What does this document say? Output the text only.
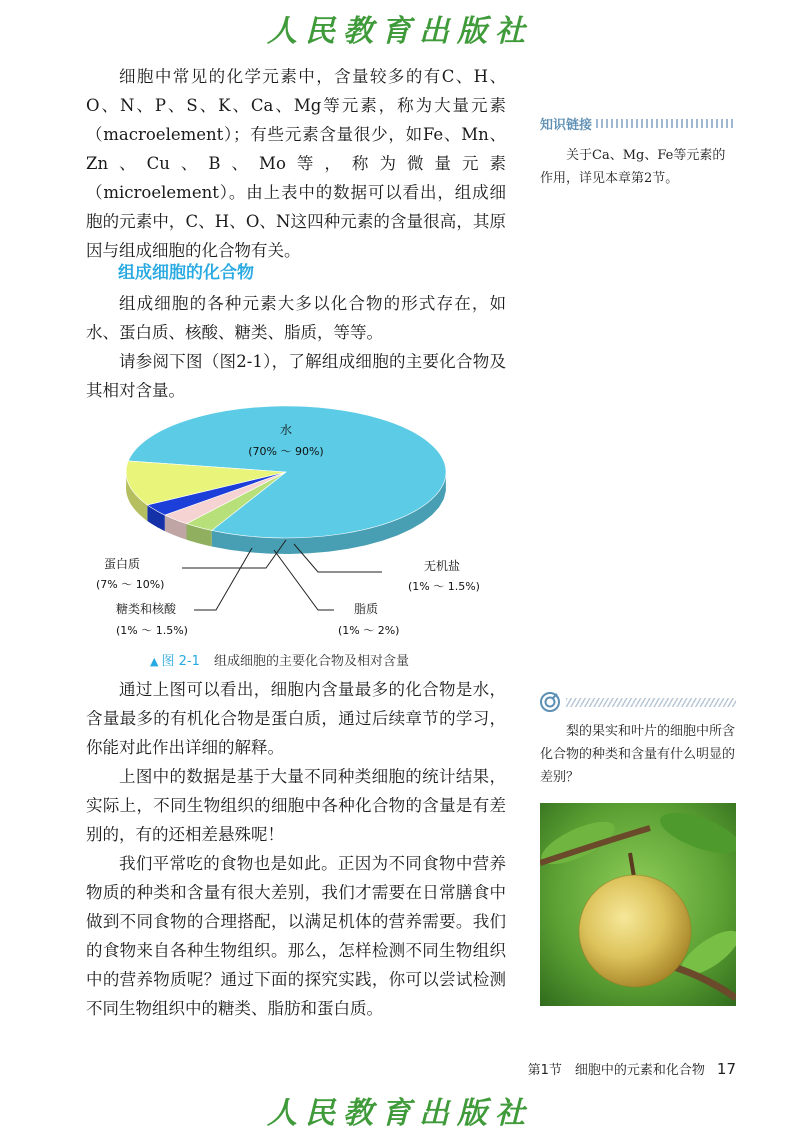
人民教育出版社

细胞中常见的化学元素中，含量较多的有C、H、O、N、P、S、K、Ca、Mg等元素，称为大量元素（macroelement）；有些元素含量很少，如Fe、Mn、Zn、Cu、B、Mo等，称为微量元素（microelement）。由上表中的数据可以看出，组成细胞的元素中，C、H、O、N这四种元素的含量很高，其原因与组成细胞的化合物有关。

组成细胞的化合物

组成细胞的各种元素大多以化合物的形式存在，如水、蛋白质、核酸、糖类、脂质，等等。

请参阅下图（图2-1），了解组成细胞的主要化合物及其相对含量。

水
(70% ～ 90%)
蛋白质
(7% ～ 10%)
糖类和核酸
(1% ～ 1.5%)
无机盐
(1% ～ 1.5%)
脂质
(1% ～ 2%)
▲ 图 2-1 组成细胞的主要化合物及相对含量

通过上图可以看出，细胞内含量最多的化合物是水，含量最多的有机化合物是蛋白质，通过后续章节的学习，你能对此作出详细的解释。

上图中的数据是基于大量不同种类细胞的统计结果，实际上，不同生物组织的细胞中各种化合物的含量是有差别的，有的还相差悬殊呢！

我们平常吃的食物也是如此。正因为不同食物中营养物质的种类和含量有很大差别，我们才需要在日常膳食中做到不同食物的合理搭配，以满足机体的营养需要。我们的食物来自各种生物组织。那么，怎样检测不同生物组织中的营养物质呢？通过下面的探究实践，你可以尝试检测不同生物组织中的糖类、脂肪和蛋白质。

知识链接

关于Ca、Mg、Fe等元素的作用，详见本章第2节。

梨的果实和叶片的细胞中所含化合物的种类和含量有什么明显的差别？

第1节　细胞中的元素和化合物 17
人民教育出版社
